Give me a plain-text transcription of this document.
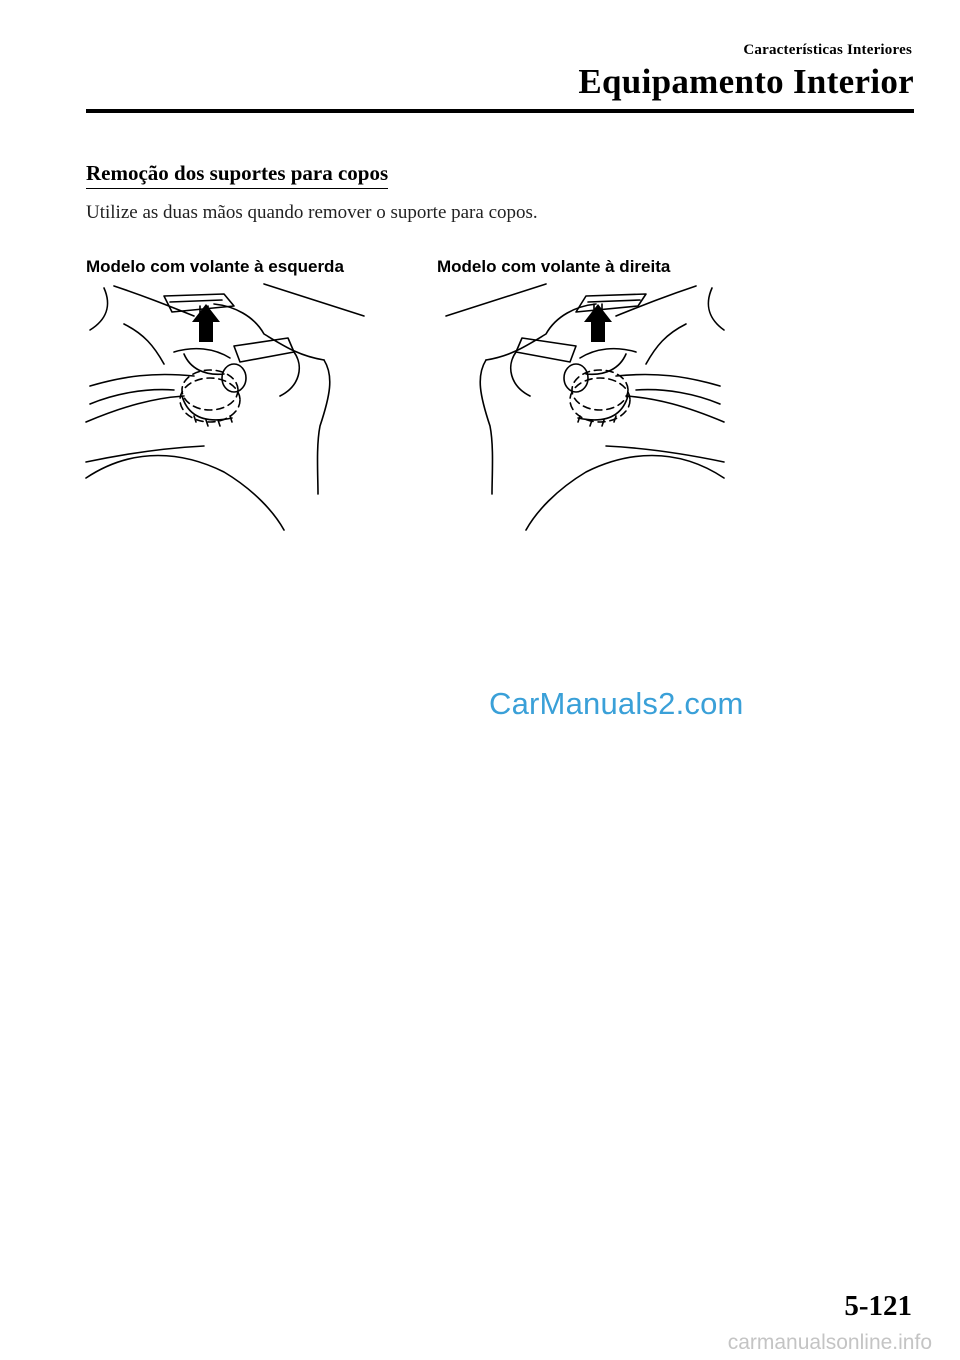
Características Interiores
Equipamento Interior
Remoção dos suportes para copos
Utilize as duas mãos quando remover o suporte para copos.
Modelo com volante à esquerda	Modelo com volante à direita
CarManuals2.com
5-121
carmanualsonline.info
